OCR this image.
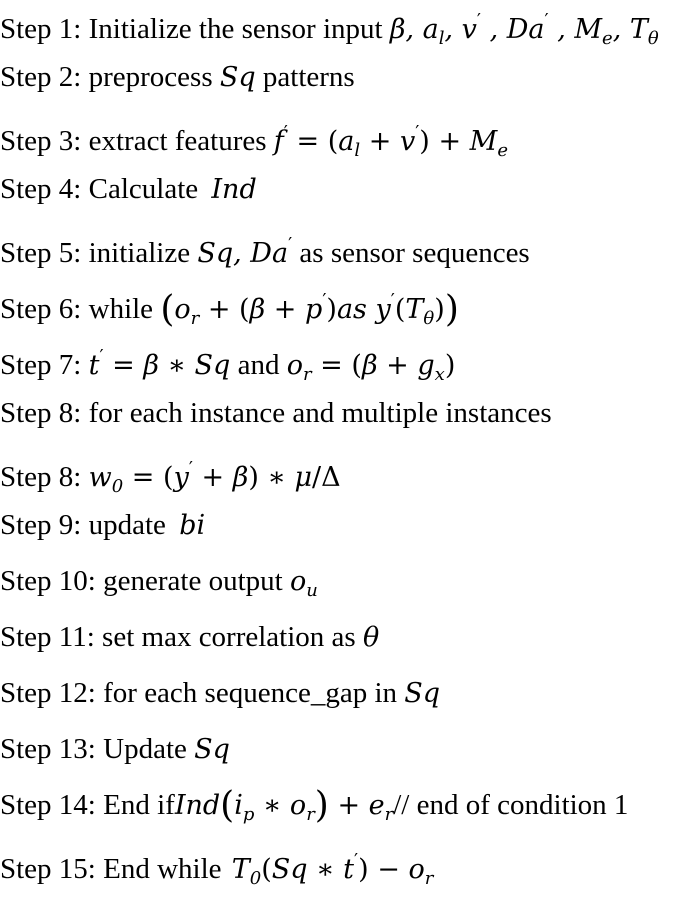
Step 1: Initialize the sensor input β, $a_l$, v′ , Da′ , $M_e$, $T_\theta$
Step 2: preprocess Sq patterns
Step 3: extract features $f' = (a_l + v') + M_e$
Step 4: Calculate Ind
Step 5: initialize Sq, Da′ as sensor sequences
Step 6: while ($o_r + (\beta + p')as$ $y'(T_\theta)$)
Step 7: t′ = β ∗ Sq and $o_r = (\beta + g_x)$
Step 8: for each instance and multiple instances
Step 8: $w_0 = (y' + \beta)$ ∗ μ/Δ
Step 9: update bi
Step 10: generate output $o_u$
Step 11: set max correlation as θ
Step 12: for each sequence_gap in Sq
Step 13: Update Sq
Step 14: End $ifInd(i_p$ ∗ $o_r) + e_r//$ end of condition 1
Step 15: End while $T_0(Sq$ ∗ $t') - o_r$
